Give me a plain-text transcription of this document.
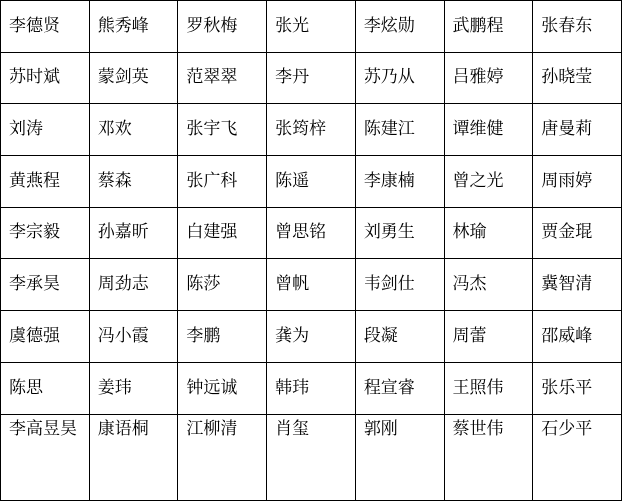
李德贤	熊秀峰	罗秋梅	张光	李炫勋	武鹏程	张春东
苏时斌	蒙剑英	范翠翠	李丹	苏乃从	吕雅婷	孙晓莹
刘涛	邓欢	张宇飞	张筠梓	陈建江	谭维健	唐曼莉
黄燕程	蔡森	张广科	陈遥	李康楠	曾之光	周雨婷
李宗毅	孙嘉昕	白建强	曾思铭	刘勇生	林瑜	贾金琨
李承昊	周劲志	陈莎	曾帆	韦剑仕	冯杰	冀智清
虞德强	冯小霞	李鹏	龚为	段凝	周蕾	邵威峰
陈思	姜玮	钟远诚	韩玮	程宣睿	王照伟	张乐平
李高昱昊	康语桐	江柳清	肖玺	郭刚	蔡世伟	石少平
